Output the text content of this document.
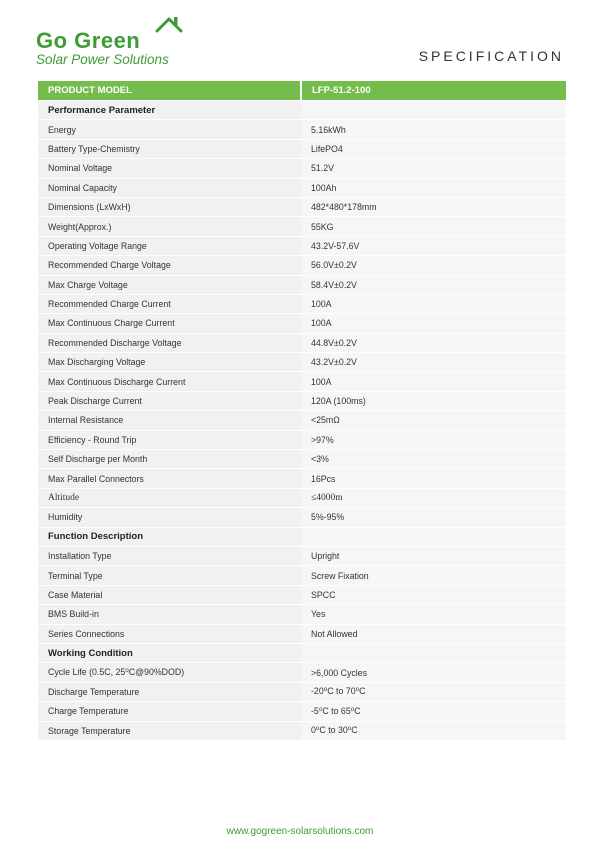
Go Green
Solar Power Solutions	SPECIFICATION
PRODUCT MODEL	LFP-51.2-100
Performance Parameter	
Energy	5.16kWh
Battery Type-Chemistry	LifePO4
Nominal Voltage	51.2V
Nominal Capacity	100Ah
Dimensions (LxWxH)	482*480*178mm
Weight(Approx.)	55KG
Operating Voltage Range	43.2V-57.6V
Recommended Charge Voltage	56.0V±0.2V
Max Charge Voltage	58.4V±0.2V
Recommended Charge Current	100A
Max Continuous Charge Current	100A
Recommended Discharge Voltage	44.8V±0.2V
Max Discharging Voltage	43.2V±0.2V
Max Continuous Discharge Current	100A
Peak Discharge Current	120A (100ms)
Internal Resistance	<25mΩ
Efficiency - Round Trip	>97%
Self Discharge per Month	<3%
Max Parallel Connectors	16Pcs
Altitude	≤4000m
Humidity	5%-95%
Function Description	
Installation Type	Upright
Terminal Type	Screw Fixation
Case Material	SPCC
BMS Build-in	Yes
Series Connections	Not Allowed
Working Condition	
Cycle Life (0.5C, 25⁰C@90%DOD)	>6,000 Cycles
Discharge Temperature	-20⁰C to 70⁰C
Charge Temperature	-5⁰C to 65⁰C
Storage Temperature	0⁰C to 30⁰C
www.gogreen-solarsolutions.com
